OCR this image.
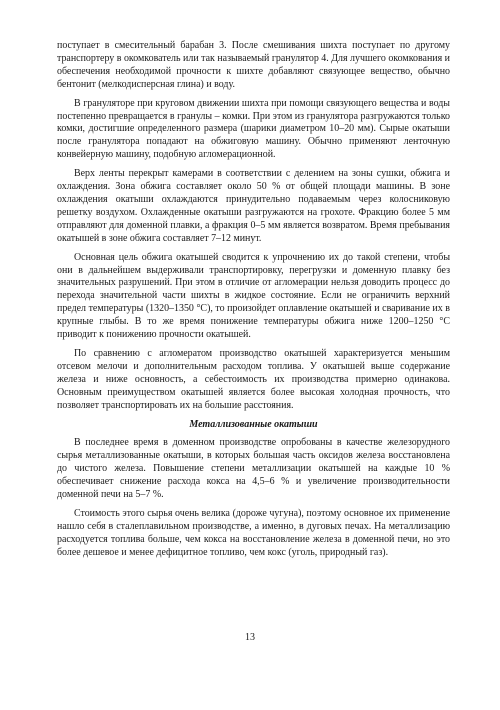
поступает в смесительный барабан 3. После смешивания шихта поступает по другому транспортеру в окомкователь или так называемый гранулятор 4. Для лучшего окомкования и обеспечения необходимой прочности к шихте добавляют связующее вещество, обычно бентонит (мелкодисперсная глина) и воду.

В грануляторе при круговом движении шихта при помощи связующего вещества и воды постепенно превращается в гранулы – комки. При этом из гранулятора разгружаются только комки, достигшие определенного размера (шарики диаметром 10–20 мм). Сырые окатыши после гранулятора попадают на обжиговую машину. Обычно применяют ленточную конвейерную машину, подобную агломерационной.

Верх ленты перекрыт камерами в соответствии с делением на зоны сушки, обжига и охлаждения. Зона обжига составляет около 50 % от общей площади машины. В зоне охлаждения окатыши охлаждаются принудительно подаваемым через колосниковую решетку воздухом. Охлажденные окатыши разгружаются на грохоте. Фракцию более 5 мм отправляют для доменной плавки, а фракция 0–5 мм является возвратом. Время пребывания окатышей в зоне обжига составляет 7–12 минут.

Основная цель обжига окатышей сводится к упрочнению их до такой степени, чтобы они в дальнейшем выдерживали транспортировку, перегрузки и доменную плавку без значительных разрушений. При этом в отличие от агломерации нельзя доводить процесс до перехода значительной части шихты в жидкое состояние. Если не ограничить верхний предел температуры (1320–1350 °С), то произойдет оплавление окатышей и сваривание их в крупные глыбы. В то же время понижение температуры обжига ниже 1200–1250 °С приводит к понижению прочности окатышей.

По сравнению с агломератом производство окатышей характеризуется меньшим отсевом мелочи и дополнительным расходом топлива. У окатышей выше содержание железа и ниже основность, а себестоимость их производства примерно одинакова. Основным преимуществом окатышей является более высокая холодная прочность, что позволяет транспортировать их на большие расстояния.

Металлизованные окатыши

В последнее время в доменном производстве опробованы в качестве железорудного сырья металлизованные окатыши, в которых большая часть оксидов железа восстановлена до чистого железа. Повышение степени металлизации окатышей на каждые 10 % обеспечивает снижение расхода кокса на 4,5–6 % и увеличение производительности доменной печи на 5–7 %.

Стоимость этого сырья очень велика (дороже чугуна), поэтому основное их применение нашло себя в сталеплавильном производстве, а именно, в дуговых печах. На металлизацию расходуется топлива больше, чем кокса на восстановление железа в доменной печи, но это более дешевое и менее дефицитное топливо, чем кокс (уголь, природный газ).

13
